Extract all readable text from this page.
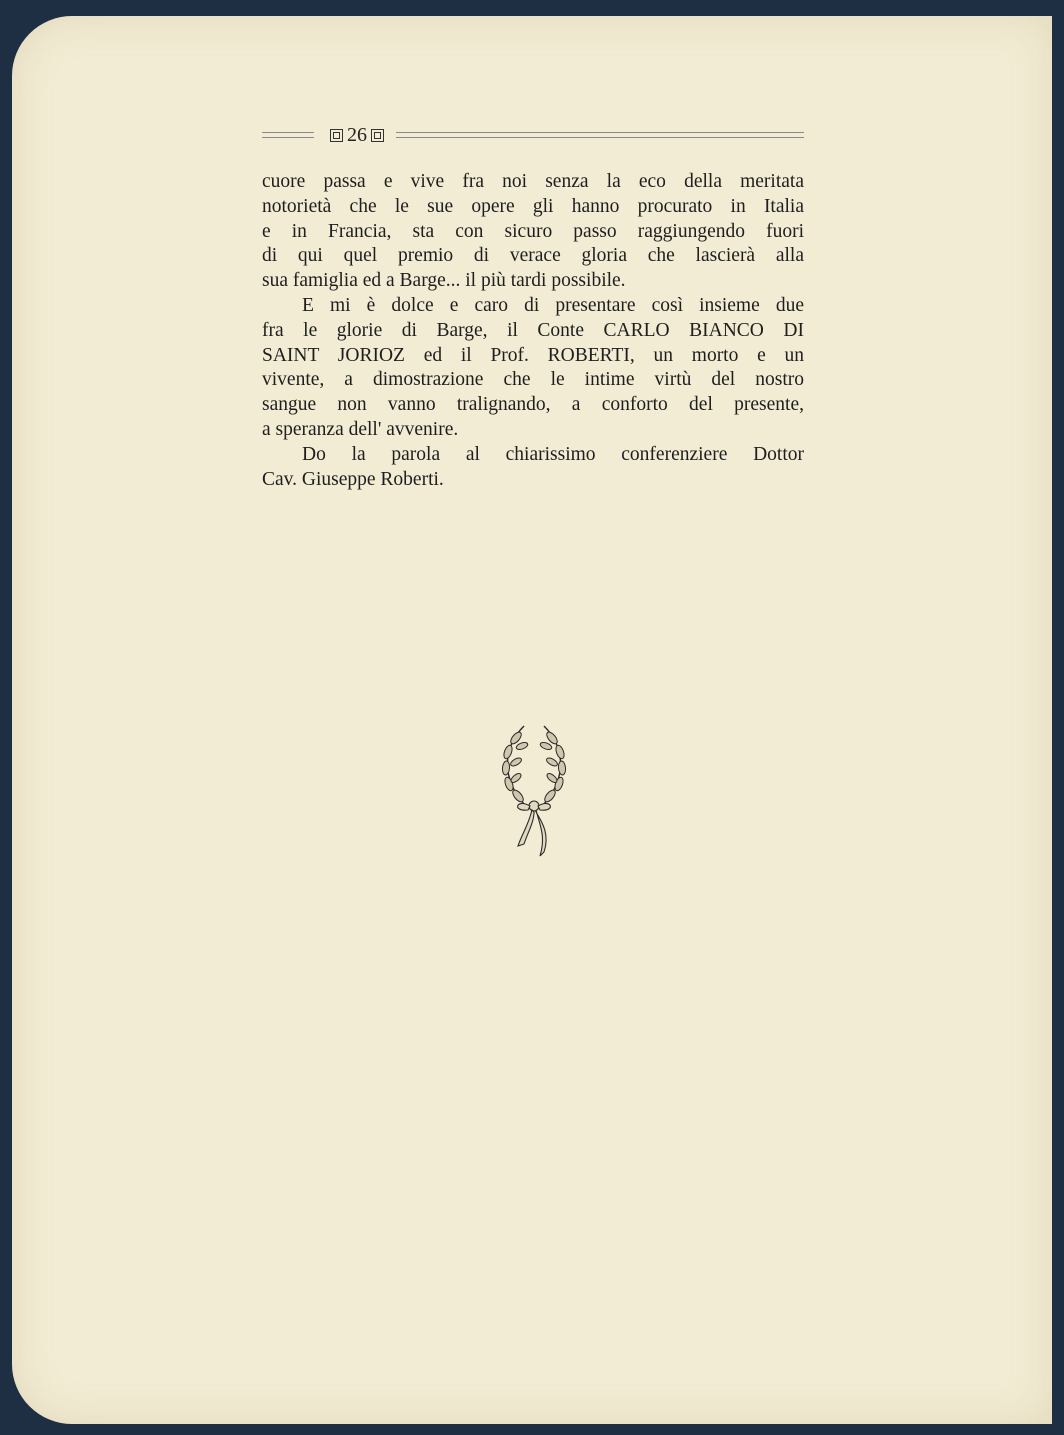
26

cuore passa e vive fra noi senza la eco della meritata
notorietà che le sue opere gli hanno procurato in Italia
e in Francia, sta con sicuro passo raggiungendo fuori
di qui quel premio di verace gloria che lascierà alla
sua famiglia ed a Barge... il più tardi possibile.

E mi è dolce e caro di presentare così insieme due
fra le glorie di Barge, il Conte CARLO BIANCO DI
SAINT JORIOZ ed il Prof. ROBERTI, un morto e un
vivente, a dimostrazione che le intime virtù del nostro
sangue non vanno tralignando, a conforto del presente,
a speranza dell' avvenire.

Do la parola al chiarissimo conferenziere Dottor
Cav. Giuseppe Roberti.
